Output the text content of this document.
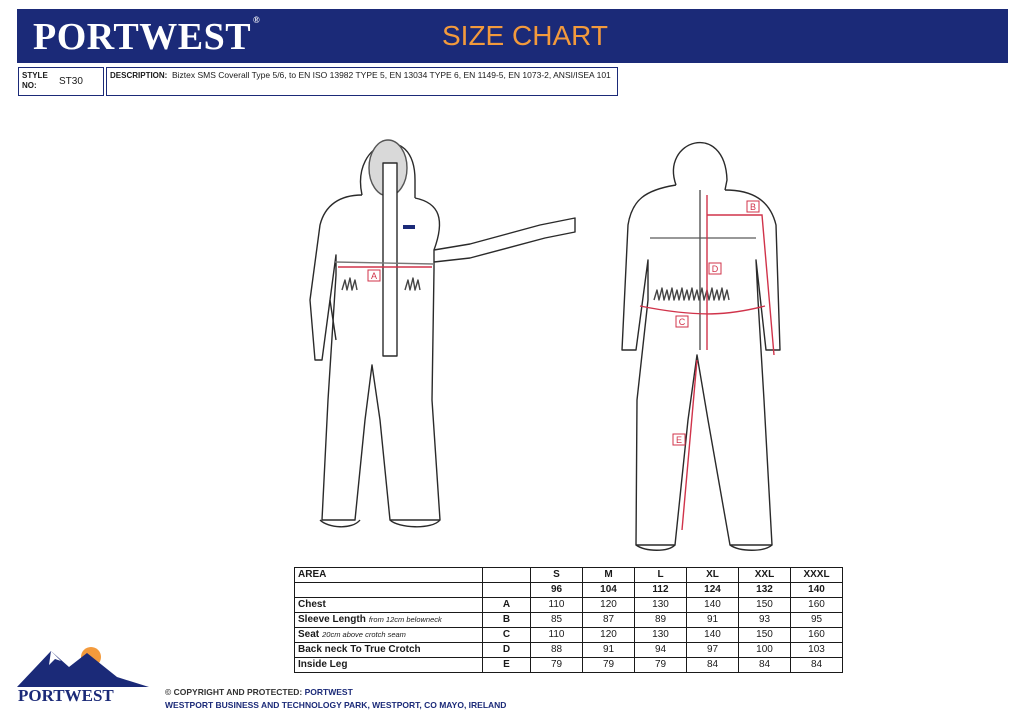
PORTWEST ®	SIZE CHART
STYLE
NO:	ST30
DESCRIPTION: Biztex SMS Coverall Type 5/6, to EN ISO 13982 TYPE 5, EN 13034 TYPE 6, EN 1149-5, EN 1073-2, ANSI/ISEA 101
A
B
C
D
E
AREA		S	M	L	XL	XXL	XXXL
		96	104	112	124	132	140
Chest	A	110	120	130	140	150	160
Sleeve Length from 12cm belowneck	B	85	87	89	91	93	95
Seat 20cm above crotch seam	C	110	120	130	140	150	160
Back neck To True Crotch	D	88	91	94	97	100	103
Inside Leg	E	79	79	79	84	84	84
PORTWEST	© COPYRIGHT AND PROTECTED: PORTWEST
WESTPORT BUSINESS AND TECHNOLOGY PARK, WESTPORT, CO MAYO, IRELAND
